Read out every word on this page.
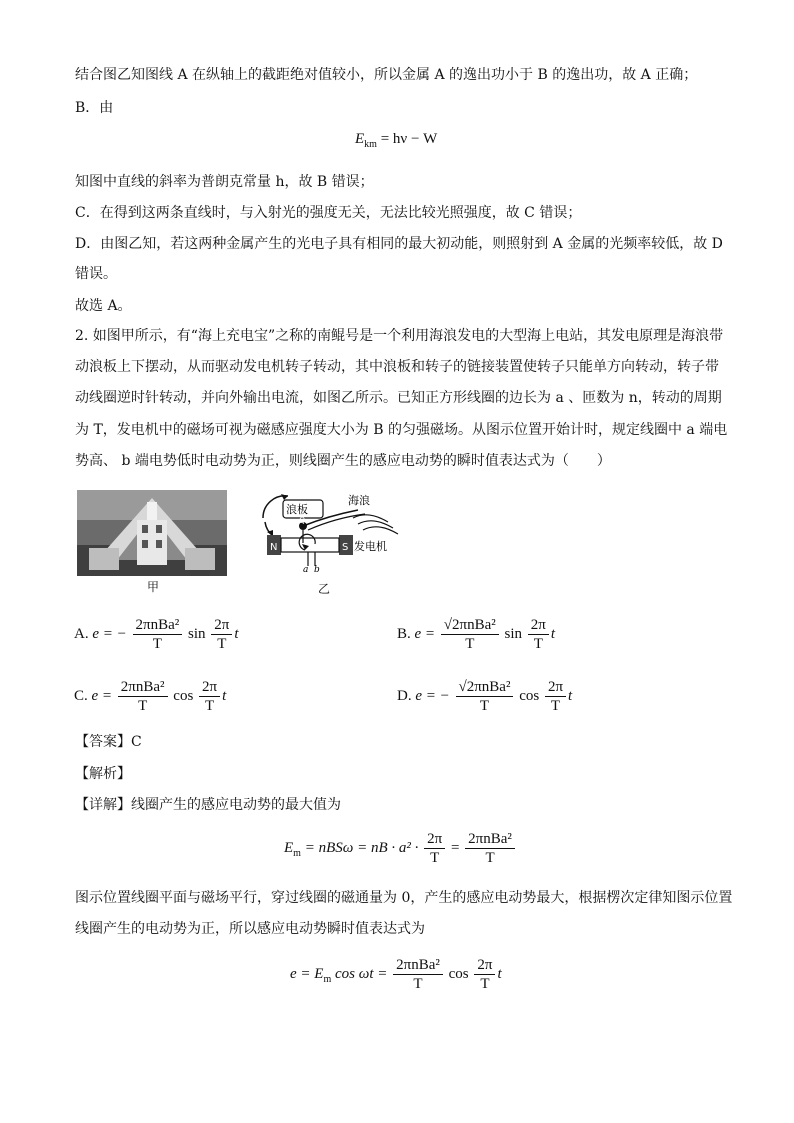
结合图乙知图线 A 在纵轴上的截距绝对值较小，所以金属 A 的逸出功小于 B 的逸出功，故 A 正确；
B．由
$E_{km} = h\nu - W$
知图中直线的斜率为普朗克常量 h，故 B 错误；
C．在得到这两条直线时，与入射光的强度无关，无法比较光照强度，故 C 错误；
D．由图乙知，若这两种金属产生的光电子具有相同的最大初动能，则照射到 A 金属的光频率较低，故 D
错误。
故选 A。
2. 如图甲所示，有“海上充电宝”之称的南鲲号是一个利用海浪发电的大型海上电站，其发电原理是海浪带
动浪板上下摆动，从而驱动发电机转子转动，其中浪板和转子的链接装置使转子只能单方向转动，转子带
动线圈逆时针转动，并向外输出电流，如图乙所示。已知正方形线圈的边长为 a 、匝数为 n，转动的周期
为 T，发电机中的磁场可视为磁感应强度大小为 B 的匀强磁场。从图示位置开始计时，规定线圈中 a 端电
势高、 b 端电势低时电动势为正，则线圈产生的感应电动势的瞬时值表达式为（　　）
甲
浪板
海浪
Q
N	S 发电机
a b
乙
A. e = − $\frac{\text{2πnBa²}}{T}$ $\sin \frac{2\pi}{T}$ t	B. $e = \frac{\text{√2πnBa²}}{T}$ $\sin \frac{2\pi}{T}$ t
C. $e = \frac{\text{2πnBa²}}{T}$ $\cos \frac{2\pi}{T}$ t	D. e = − $\frac{\text{√2πnBa²}}{T}$ $\cos \frac{2\pi}{T}$ t
【答案】C
【解析】
【详解】线圈产生的感应电动势的最大值为
$E_m = nBS\omega$ = nB · $a^2 \cdot \frac{2\pi}{T} = \frac{\text{2πnBa²}}{T}$
图示位置线圈平面与磁场平行，穿过线圈的磁通量为 0，产生的感应电动势最大，根据楞次定律知图示位置
线圈产生的电动势为正，所以感应电动势瞬时值表达式为
$e = E_m$ $\cos \omega t = \frac{\text{2πnBa²}}{T}$ $\cos \frac{2\pi}{T}$ t
